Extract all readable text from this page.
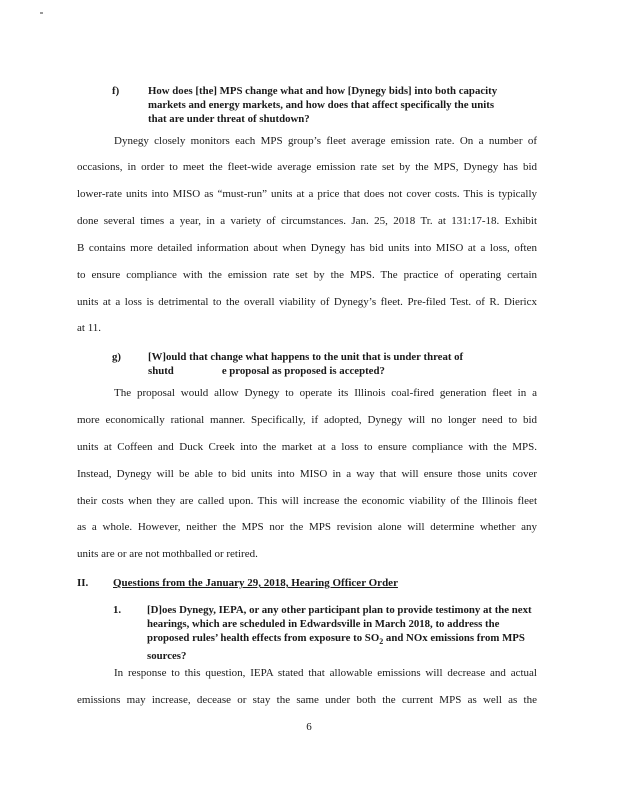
f)	How does [the] MPS change what and how [Dynegy bids] into both capacity
markets and energy markets, and how does that affect specifically the units
that are under threat of shutdown?
Dynegy closely monitors each MPS group’s fleet average emission rate. On a number of
occasions, in order to meet the fleet-wide average emission rate set by the MPS, Dynegy has bid
lower-rate units into MISO as “must-run” units at a price that does not cover costs. This is typically
done several times a year, in a variety of circumstances. Jan. 25, 2018 Tr. at 131:17-18. Exhibit
B contains more detailed information about when Dynegy has bid units into MISO at a loss, often
to ensure compliance with the emission rate set by the MPS. The practice of operating certain
units at a loss is detrimental to the overall viability of Dynegy’s fleet. Pre-filed Test. of R. Diericx
at 11.
g)	[W]ould that change what happens to the unit that is under threat of
shutd	e proposal as proposed is accepted?
The proposal would allow Dynegy to operate its Illinois coal-fired generation fleet in a
more economically rational manner. Specifically, if adopted, Dynegy will no longer need to bid
units at Coffeen and Duck Creek into the market at a loss to ensure compliance with the MPS.
Instead, Dynegy will be able to bid units into MISO in a way that will ensure those units cover
their costs when they are called upon. This will increase the economic viability of the Illinois fleet
as a whole. However, neither the MPS nor the MPS revision alone will determine whether any
units are or are not mothballed or retired.
II. Questions from the January 29, 2018, Hearing Officer Order
1. [D]oes Dynegy, IEPA, or any other participant plan to provide testimony at the next
hearings, which are scheduled in Edwardsville in March 2018, to address the
proposed rules’ health effects from exposure to $SO_2$ and NOx emissions from MPS
sources?
In response to this question, IEPA stated that allowable emissions will decrease and actual
emissions may increase, decease or stay the same under both the current MPS as well as the
6
